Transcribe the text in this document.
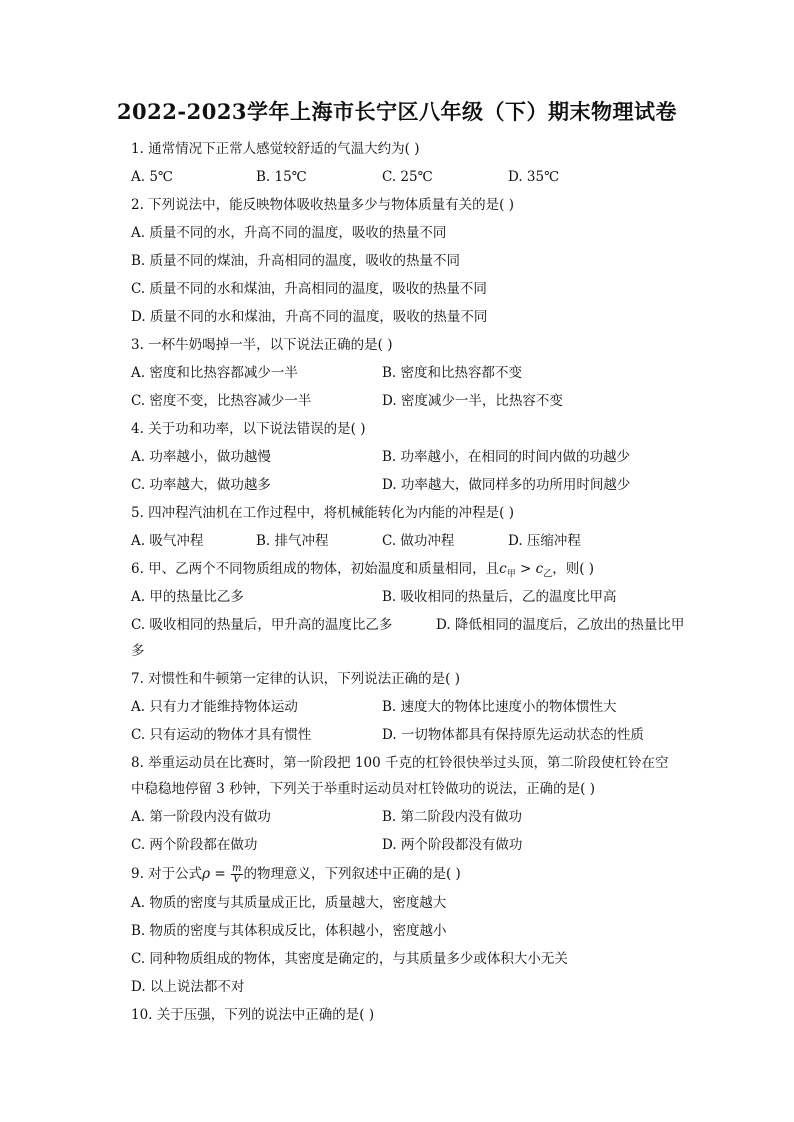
2022-2023学年上海市长宁区八年级（下）期末物理试卷
1. 通常情况下正常人感觉较舒适的气温大约为( )
A. 5℃	B. 15℃	C. 25℃	D. 35℃
2. 下列说法中，能反映物体吸收热量多少与物体质量有关的是( )
A. 质量不同的水，升高不同的温度，吸收的热量不同
B. 质量不同的煤油，升高相同的温度，吸收的热量不同
C. 质量不同的水和煤油，升高相同的温度，吸收的热量不同
D. 质量不同的水和煤油，升高不同的温度，吸收的热量不同
3. 一杯牛奶喝掉一半，以下说法正确的是( )
A. 密度和比热容都减少一半	B. 密度和比热容都不变
C. 密度不变，比热容减少一半	D. 密度减少一半，比热容不变
4. 关于功和功率，以下说法错误的是( )
A. 功率越小，做功越慢	B. 功率越小，在相同的时间内做的功越少
C. 功率越大，做功越多	D. 功率越大，做同样多的功所用时间越少
5. 四冲程汽油机在工作过程中，将机械能转化为内能的冲程是( )
A. 吸气冲程	B. 排气冲程	C. 做功冲程	D. 压缩冲程
6. 甲、乙两个不同物质组成的物体，初始温度和质量相同，且$c_甲 > c_乙$，则( )
A. 甲的热量比乙多	B. 吸收相同的热量后，乙的温度比甲高
C. 吸收相同的热量后，甲升高的温度比乙多	D. 降低相同的温度后，乙放出的热量比甲
多
7. 对惯性和牛顿第一定律的认识，下列说法正确的是( )
A. 只有力才能维持物体运动	B. 速度大的物体比速度小的物体惯性大
C. 只有运动的物体才具有惯性	D. 一切物体都具有保持原先运动状态的性质
8. 举重运动员在比赛时，第一阶段把 100 千克的杠铃很快举过头顶，第二阶段使杠铃在空
中稳稳地停留 3 秒钟，下列关于举重时运动员对杠铃做功的说法，正确的是( )
A. 第一阶段内没有做功	B. 第二阶段内没有做功
C. 两个阶段都在做功	D. 两个阶段都没有做功
9. 对于公式$\rho = \frac{m}{V}$ 的物理意义，下列叙述中正确的是( )
A. 物质的密度与其质量成正比，质量越大，密度越大
B. 物质的密度与其体积成反比，体积越小，密度越小
C. 同种物质组成的物体，其密度是确定的，与其质量多少或体积大小无关
D. 以上说法都不对
10. 关于压强，下列的说法中正确的是( )
